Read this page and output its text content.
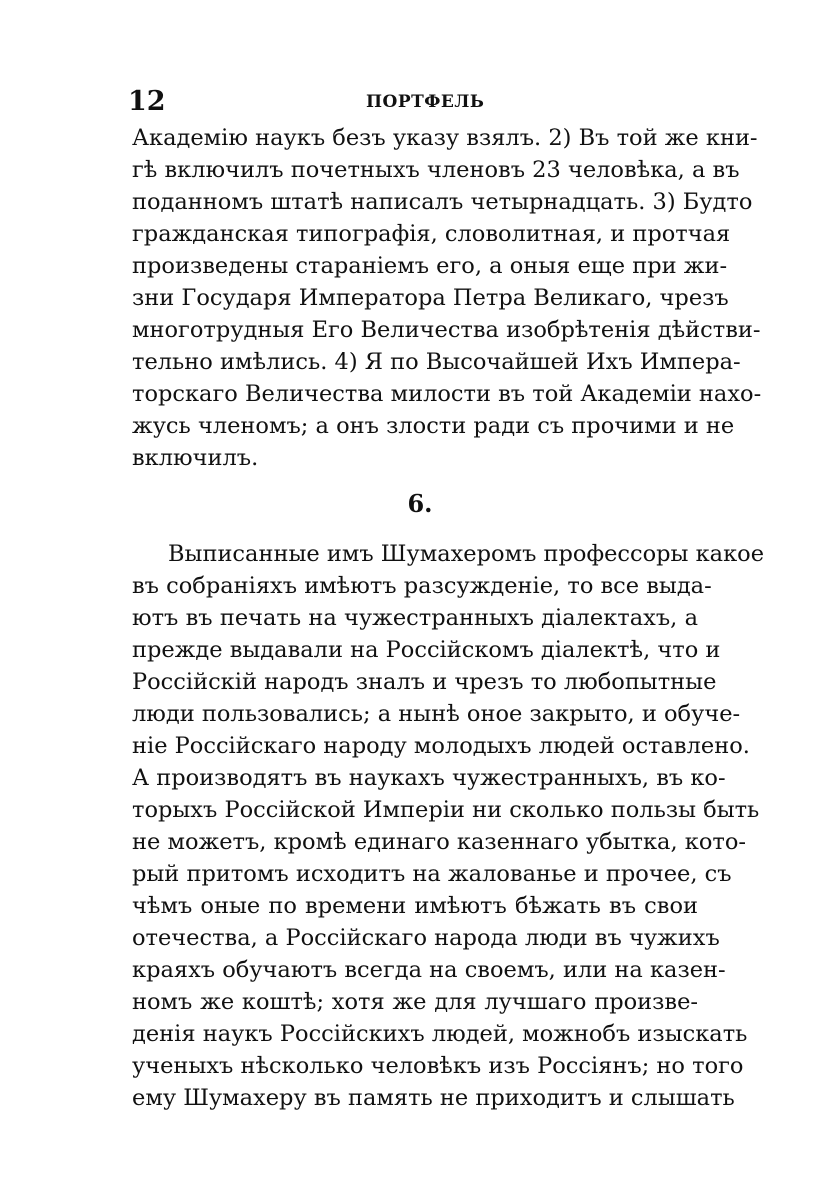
12	ПОРТФЕЛЬ
Академію наукъ безъ указу взялъ. 2) Въ той же кни-
гѣ включилъ почетныхъ членовъ 23 человѣка, а въ
поданномъ штатѣ написалъ четырнадцать. 3) Будто
гражданская типографія, словолитная, и протчая
произведены стараніемъ его, а оныя еще при жи-
зни Государя Императора Петра Великаго, чрезъ
многотрудныя Его Величества изобрѣтенія дѣйстви-
тельно имѣлись. 4) Я по Высочайшей Ихъ Импера-
торскаго Величества милости въ той Академіи нахо-
жусь членомъ; а онъ злости ради съ прочими и не
включилъ.
6.
Выписанные имъ Шумахеромъ профессоры какое
въ собраніяхъ имѣютъ разсужденіе, то все выда-
ютъ въ печать на чужестранныхъ діалектахъ, а
прежде выдавали на Россійскомъ діалектѣ, что и
Россійскій народъ зналъ и чрезъ то любопытные
люди пользовались; а нынѣ оное закрыто, и обуче-
ніе Россійскаго народу молодыхъ людей оставлено.
А производятъ въ наукахъ чужестранныхъ, въ ко-
торыхъ Россійской Имперіи ни сколько пользы быть
не можетъ, кромѣ единаго казеннаго убытка, кото-
рый притомъ исходитъ на жалованье и прочее, съ
чѣмъ оные по времени имѣютъ бѣжать въ свои
отечества, а Россійскаго народа люди въ чужихъ
краяхъ обучаютъ всегда на своемъ, или на казен-
номъ же коштѣ; хотя же для лучшаго произве-
денія наукъ Россійскихъ людей, можнобъ изыскать
ученыхъ нѣсколько человѣкъ изъ Россіянъ; но того
ему Шумахеру въ память не приходитъ и слышать
